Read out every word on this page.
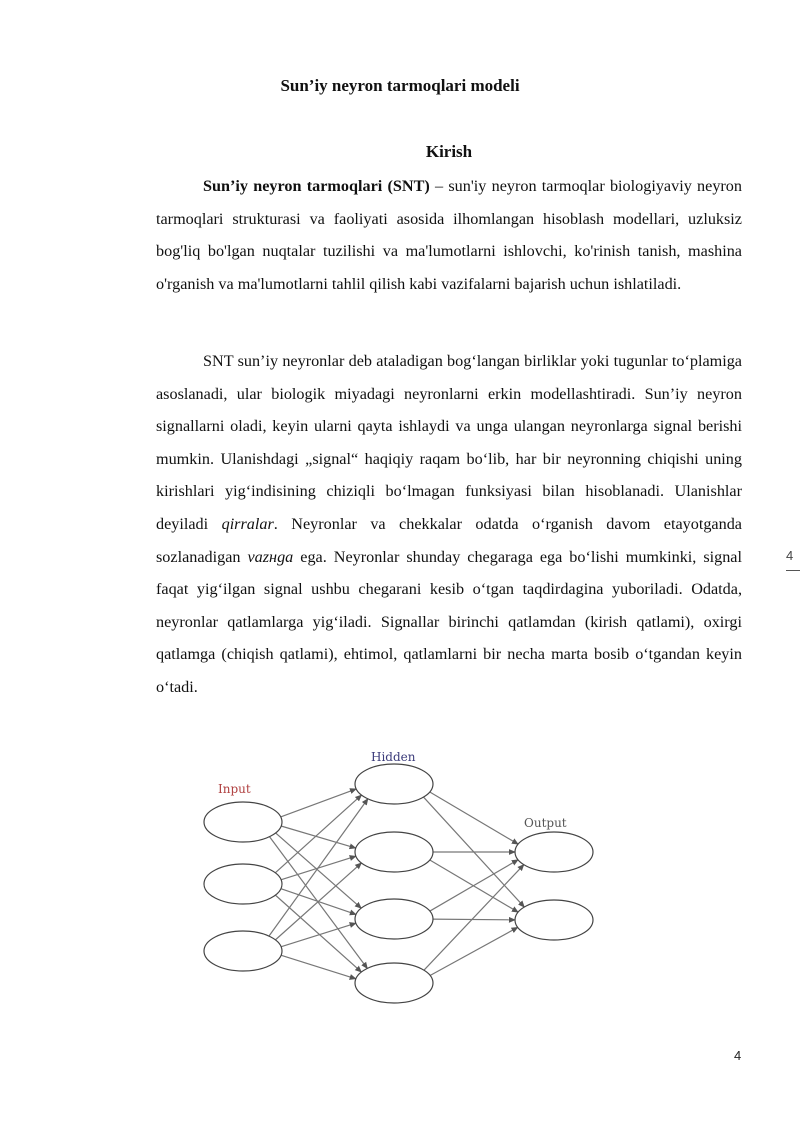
Sun’iy neyron tarmoqlari modeli
Kirish

Sun’iy neyron tarmoqlari (SNT) – sun'iy neyron tarmoqlar biologiyaviy neyron tarmoqlari strukturasi va faoliyati asosida ilhomlangan hisoblash modellari, uzluksiz bog'liq bo'lgan nuqtalar tuzilishi va ma'lumotlarni ishlovchi, ko'rinish tanish, mashina o'rganish va ma'lumotlarni tahlil qilish kabi vazifalarni bajarish uchun ishlatiladi.

SNT sun’iy neyronlar deb ataladigan bog‘langan birliklar yoki tugunlar to‘plamiga asoslanadi, ular biologik miyadagi neyronlarni erkin modellashtiradi. Sun’iy neyron signallarni oladi, keyin ularni qayta ishlaydi va unga ulangan neyronlarga signal berishi mumkin. Ulanishdagi „signal“ haqiqiy raqam bo‘lib, har bir neyronning chiqishi uning kirishlari yig‘indisining chiziqli bo‘lmagan funksiyasi bilan hisoblanadi. Ulanishlar deyiladi qirralar. Neyronlar va chekkalar odatda o‘rganish davom etayotganda sozlanadigan vazнga ega. Neyronlar shunday chegaraga ega bo‘lishi mumkinki, signal faqat yig‘ilgan signal ushbu chegarani kesib o‘tgan taqdirdagina yuboriladi. Odatda, neyronlar qatlamlarga yig‘iladi. Signallar birinchi qatlamdan (kirish qatlami), oxirgi qatlamga (chiqish qatlami), ehtimol, qatlamlarni bir necha marta bosib o‘tgandan keyin o‘tadi.

4
Input
Hidden
Output
4
